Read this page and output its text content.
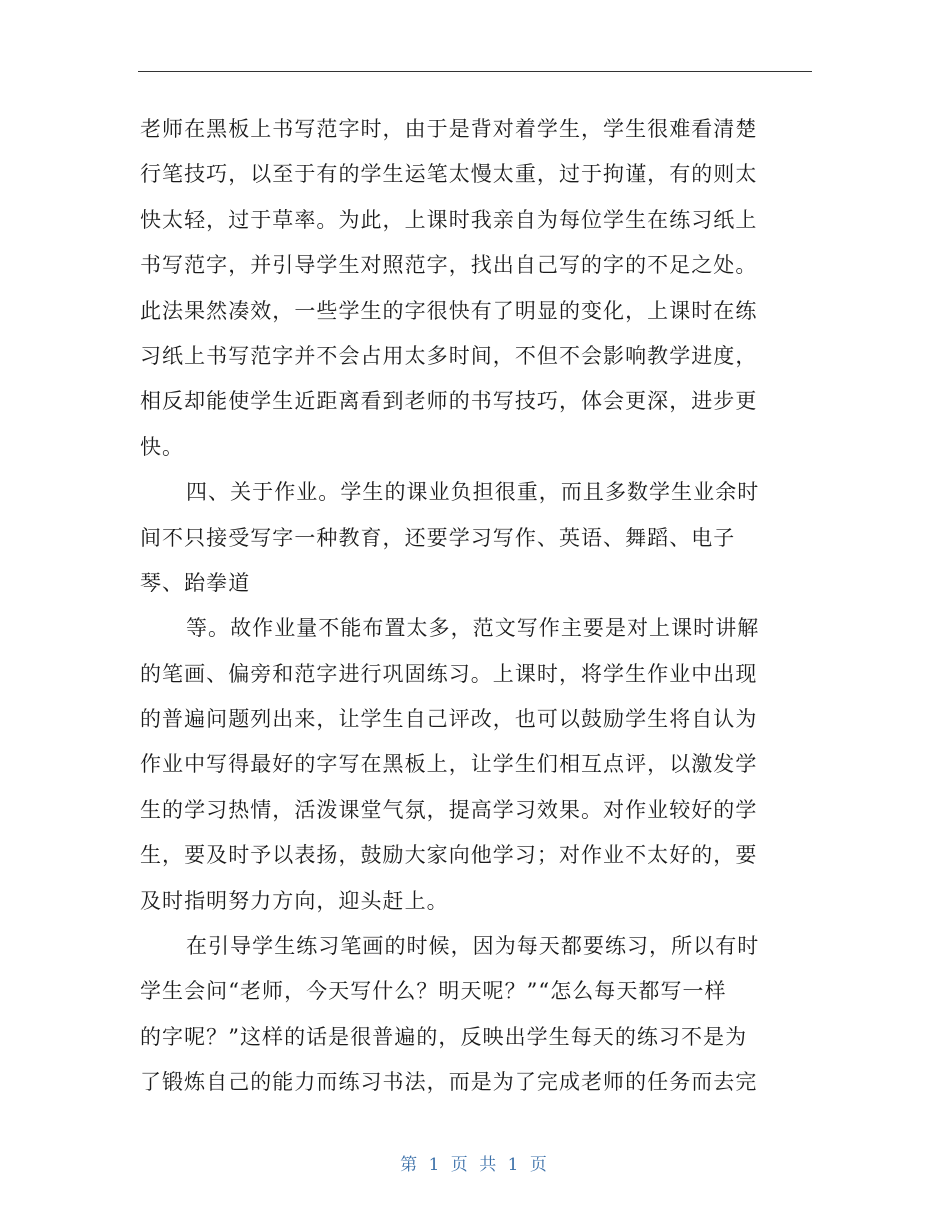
老师在黑板上书写范字时，由于是背对着学生，学生很难看清楚
行笔技巧，以至于有的学生运笔太慢太重，过于拘谨，有的则太
快太轻，过于草率。为此，上课时我亲自为每位学生在练习纸上
书写范字，并引导学生对照范字，找出自己写的字的不足之处。
此法果然凑效，一些学生的字很快有了明显的变化，上课时在练
习纸上书写范字并不会占用太多时间，不但不会影响教学进度，
相反却能使学生近距离看到老师的书写技巧，体会更深，进步更
快。
四、关于作业。学生的课业负担很重，而且多数学生业余时
间不只接受写字一种教育，还要学习写作、英语、舞蹈、电子
琴、跆拳道
等。故作业量不能布置太多，范文写作主要是对上课时讲解
的笔画、偏旁和范字进行巩固练习。上课时，将学生作业中出现
的普遍问题列出来，让学生自己评改，也可以鼓励学生将自认为
作业中写得最好的字写在黑板上，让学生们相互点评，以激发学
生的学习热情，活泼课堂气氛，提高学习效果。对作业较好的学
生，要及时予以表扬，鼓励大家向他学习；对作业不太好的，要
及时指明努力方向，迎头赶上。
在引导学生练习笔画的时候，因为每天都要练习，所以有时
学生会问“老师，今天写什么？明天呢？”“怎么每天都写一样
的字呢？”这样的话是很普遍的，反映出学生每天的练习不是为
了锻炼自己的能力而练习书法，而是为了完成老师的任务而去完
第 1 页 共 1 页
